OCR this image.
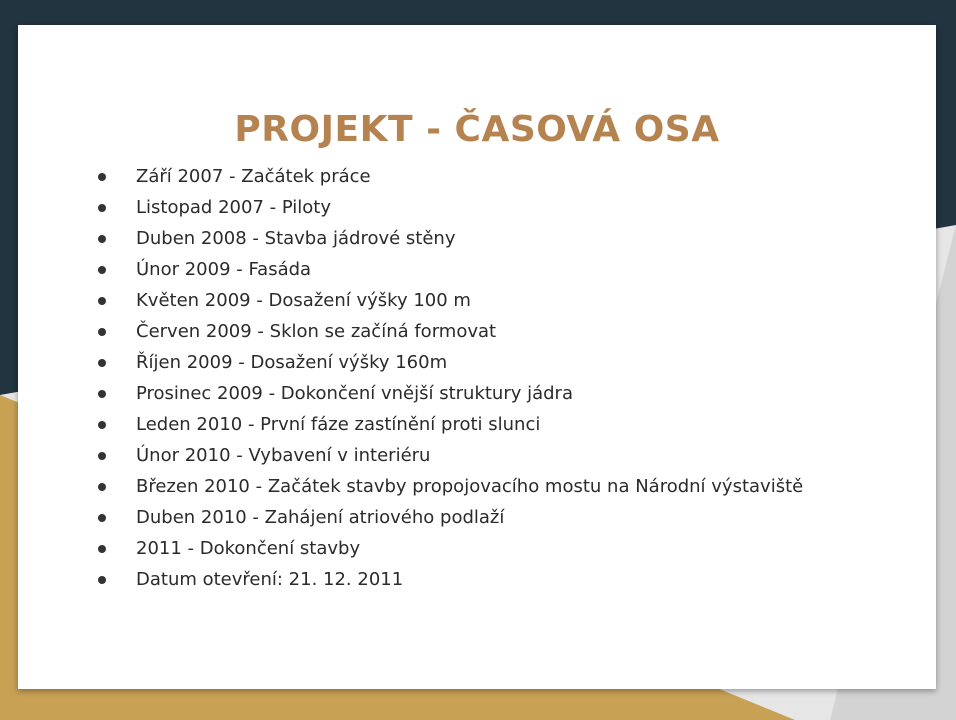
PROJEKT - ČASOVÁ OSA
Září 2007 - Začátek práce
Listopad 2007 - Piloty
Duben 2008 - Stavba jádrové stěny
Únor 2009 - Fasáda
Květen 2009 - Dosažení výšky 100 m
Červen 2009 - Sklon se začíná formovat
Říjen 2009 - Dosažení výšky 160m
Prosinec 2009 - Dokončení vnější struktury jádra
Leden 2010 - První fáze zastínění proti slunci
Únor 2010 - Vybavení v interiéru
Březen 2010 - Začátek stavby propojovacího mostu na Národní výstaviště
Duben 2010 - Zahájení atriového podlaží
2011 - Dokončení stavby
Datum otevření: 21. 12. 2011
